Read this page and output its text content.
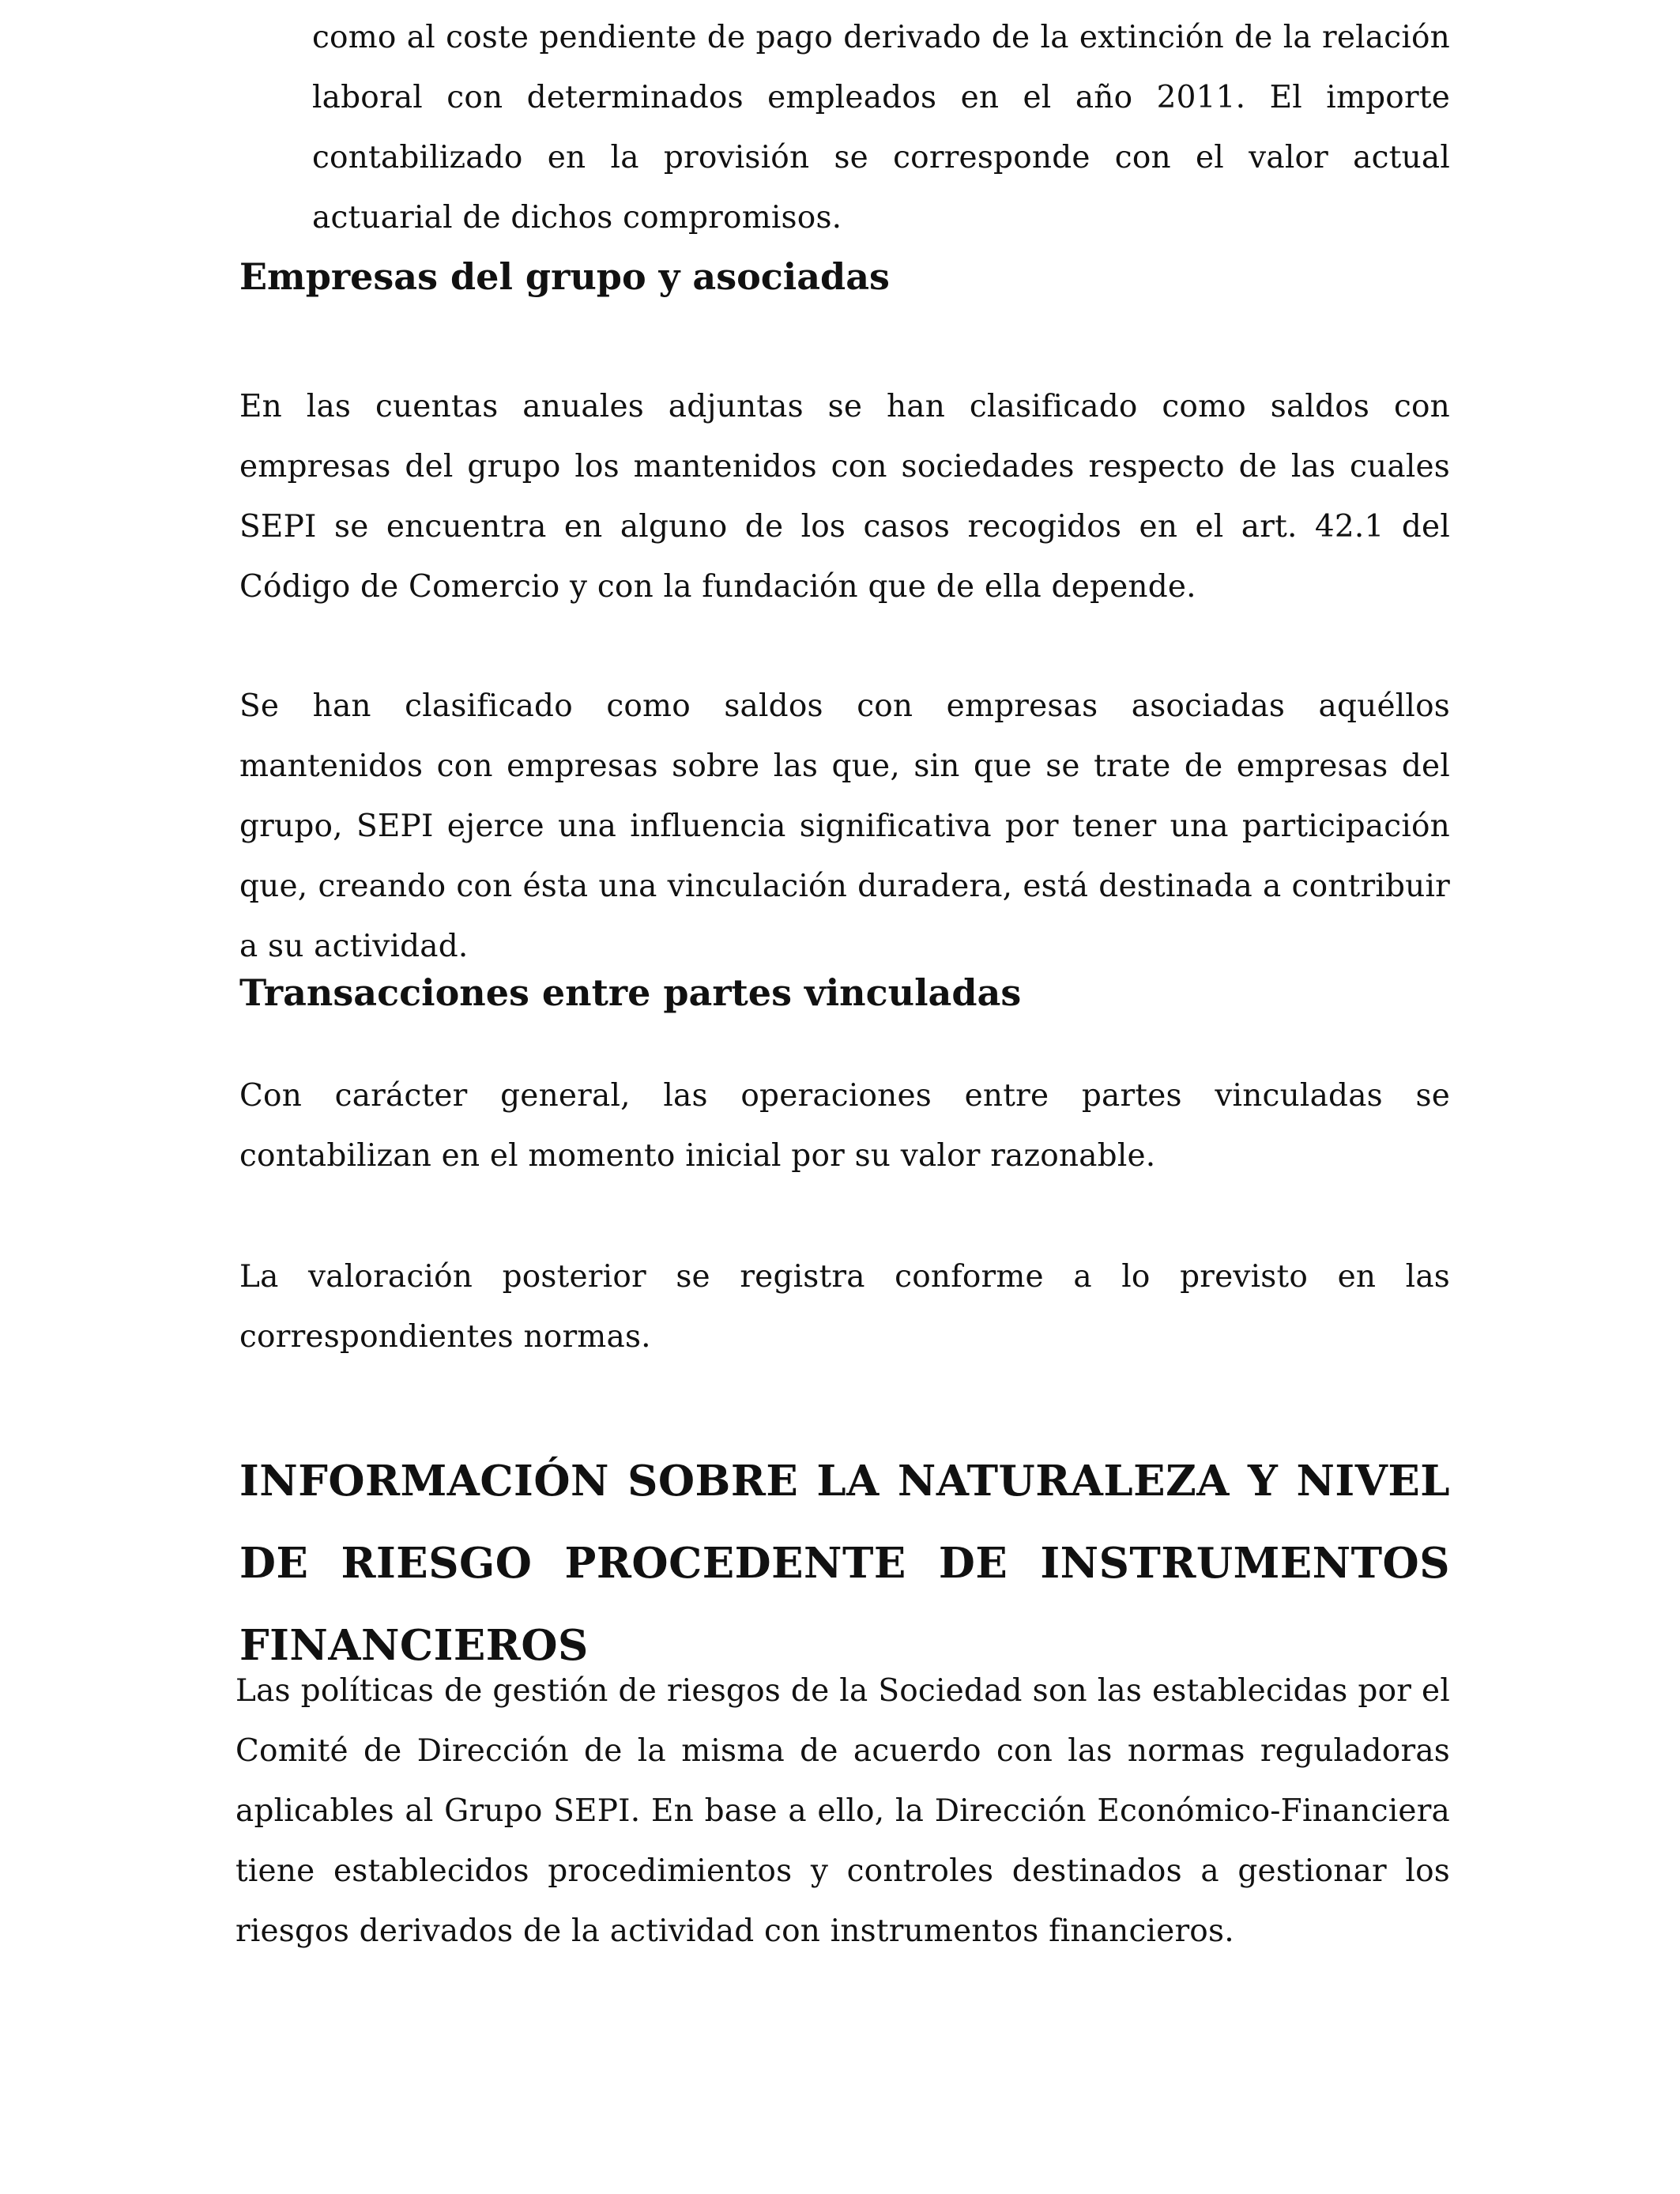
como al coste pendiente de pago derivado de la extinción de la relación laboral con determinados empleados en el año 2011. El importe contabilizado en la provisión se corresponde con el valor actual actuarial de dichos compromisos.

Empresas del grupo y asociadas

En las cuentas anuales adjuntas se han clasificado como saldos con empresas del grupo los mantenidos con sociedades respecto de las cuales SEPI se encuentra en alguno de los casos recogidos en el art. 42.1 del Código de Comercio y con la fundación que de ella depende.

Se han clasificado como saldos con empresas asociadas aquéllos mantenidos con empresas sobre las que, sin que se trate de empresas del grupo, SEPI ejerce una influencia significativa por tener una participación que, creando con ésta una vinculación duradera, está destinada a contribuir a su actividad.

Transacciones entre partes vinculadas

Con carácter general, las operaciones entre partes vinculadas se contabilizan en el momento inicial por su valor razonable.

La valoración posterior se registra conforme a lo previsto en las correspondientes normas.

INFORMACIÓN SOBRE LA NATURALEZA Y NIVEL DE RIESGO PROCEDENTE DE INSTRUMENTOS FINANCIEROS

Las políticas de gestión de riesgos de la Sociedad son las establecidas por el Comité de Dirección de la misma de acuerdo con las normas reguladoras aplicables al Grupo SEPI. En base a ello, la Dirección Económico-Financiera tiene establecidos procedimientos y controles destinados a gestionar los riesgos derivados de la actividad con instrumentos financieros.
